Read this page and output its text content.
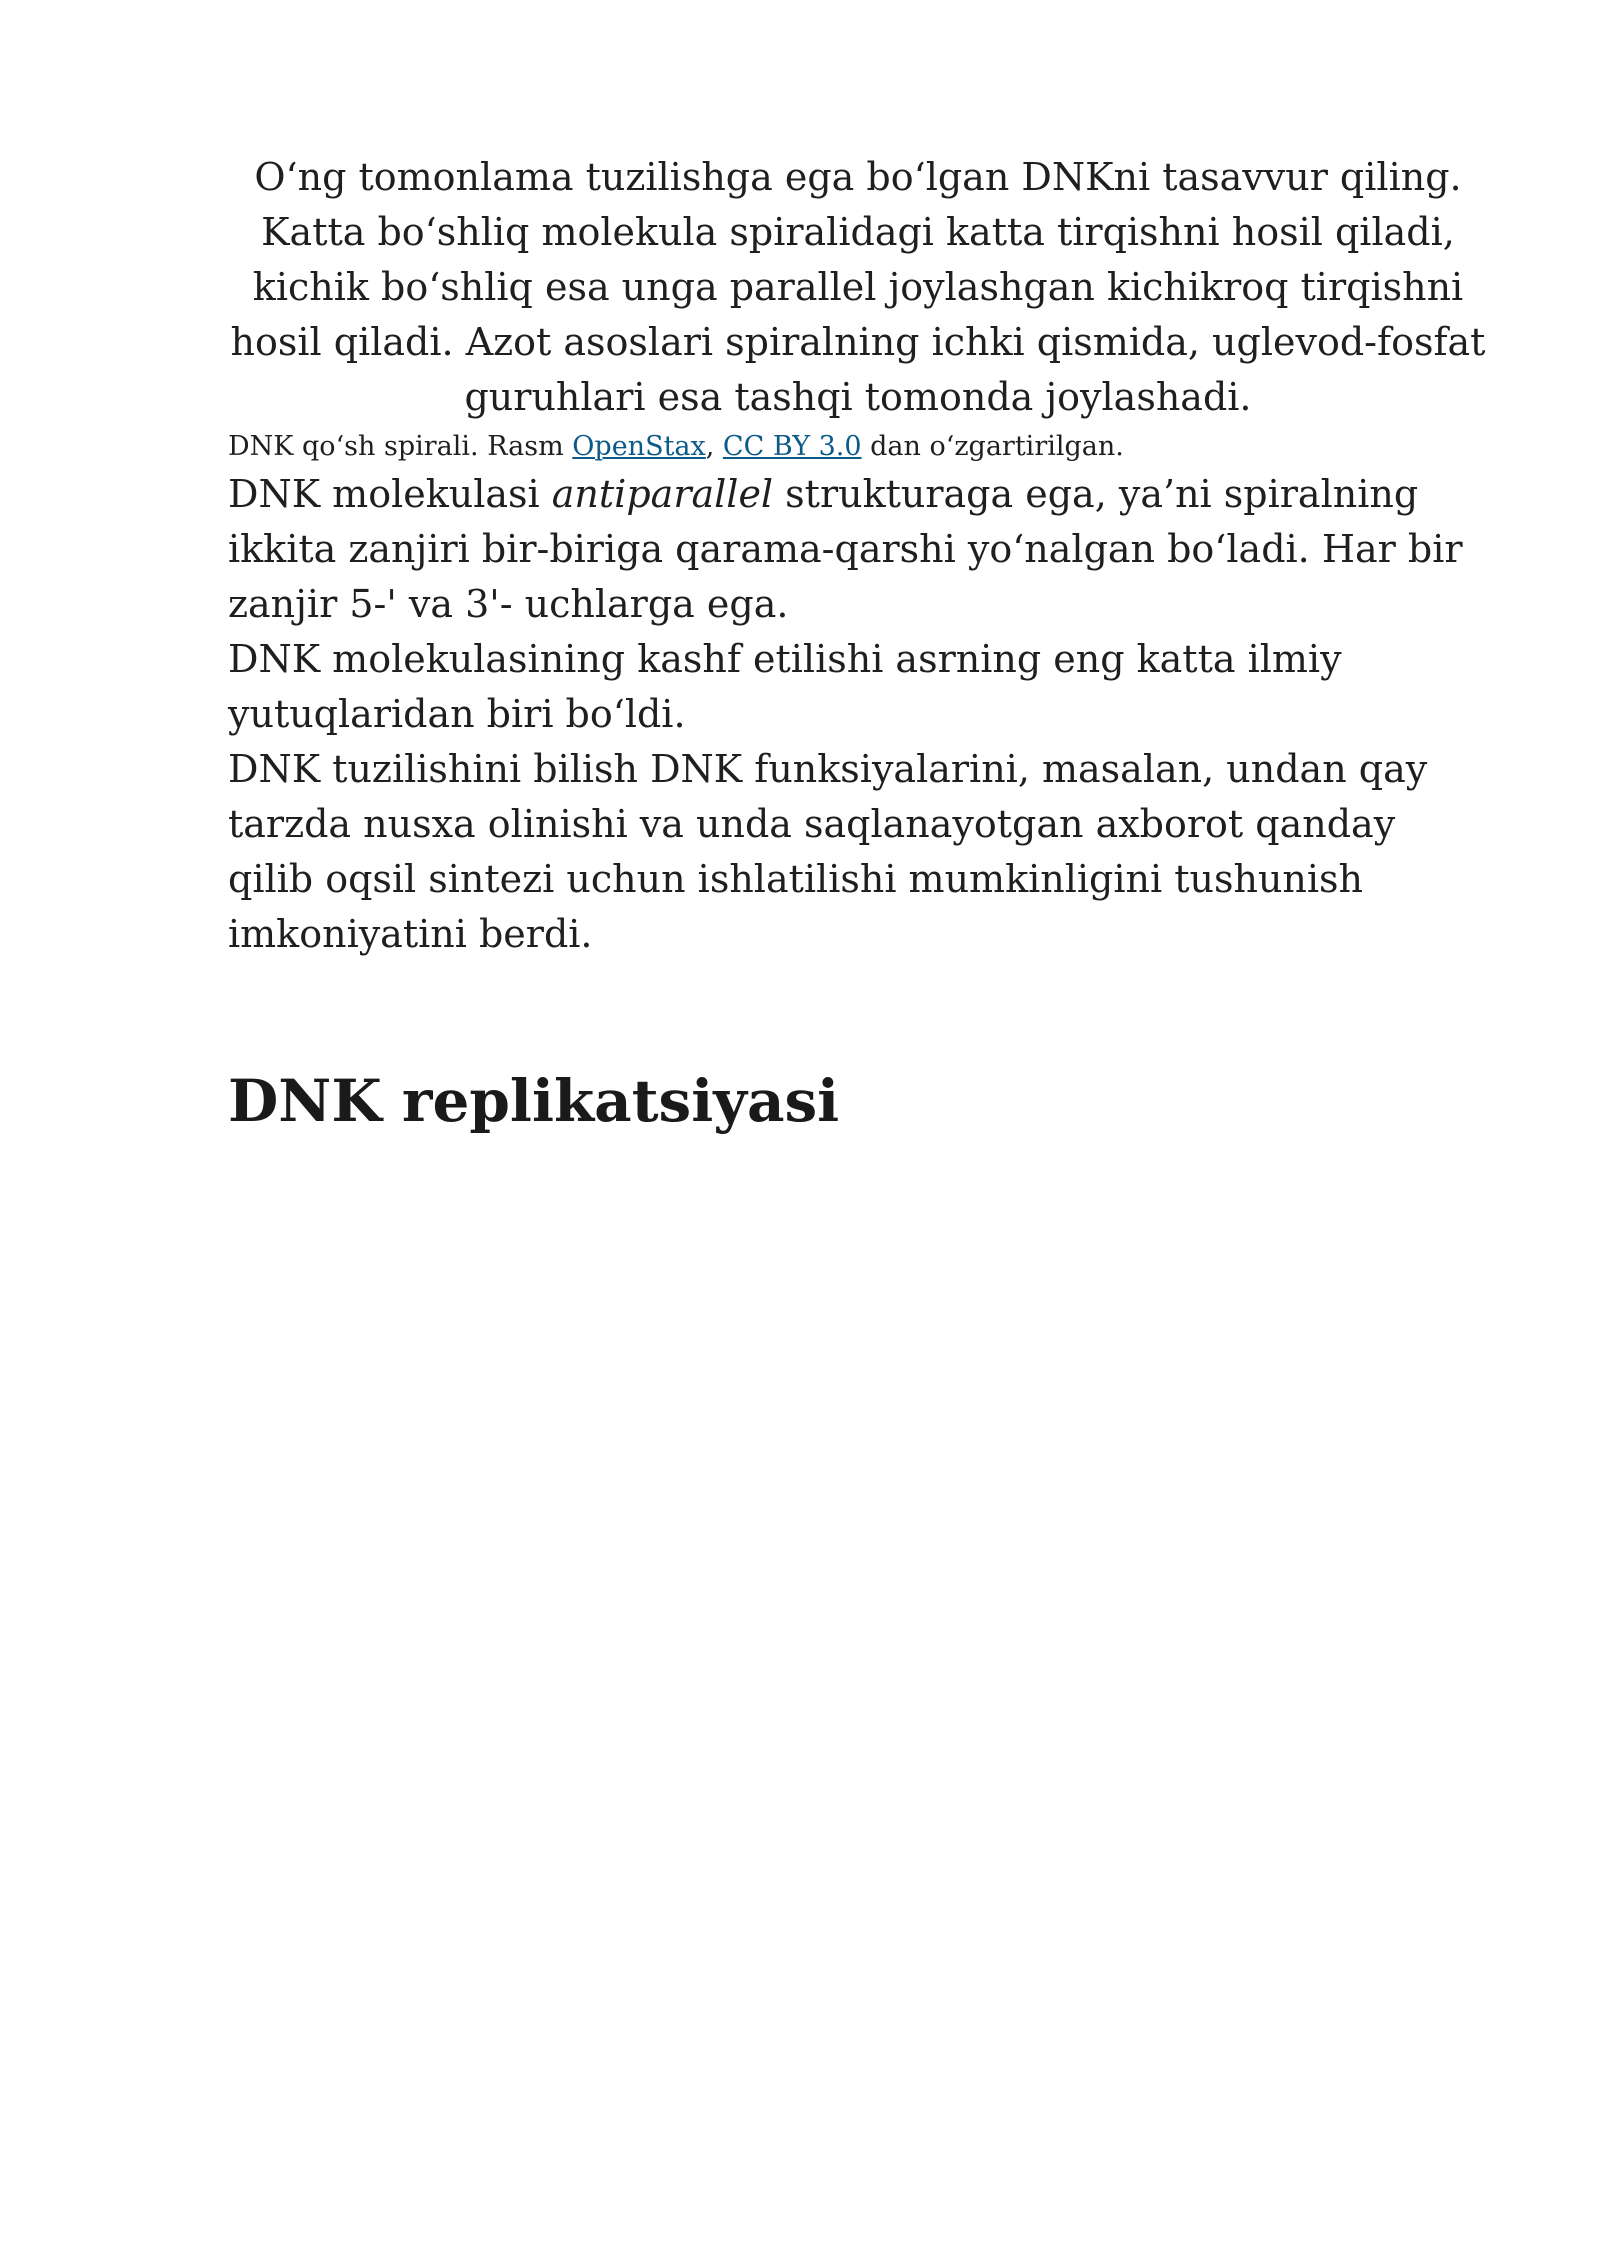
O‘ng tomonlama tuzilishga ega bo‘lgan DNKni tasavvur qiling. Katta bo‘shliq molekula spiralidagi katta tirqishni hosil qiladi, kichik bo‘shliq esa unga parallel joylashgan kichikroq tirqishni hosil qiladi. Azot asoslari spiralning ichki qismida, uglevod-fosfat guruhlari esa tashqi tomonda joylashadi.

DNK qo‘sh spirali. Rasm OpenStax, CC BY 3.0 dan o‘zgartirilgan.

DNK molekulasi antiparallel strukturaga ega, ya’ni spiralning ikkita zanjiri bir-biriga qarama-qarshi yo‘nalgan bo‘ladi. Har bir zanjir 5-' va 3'- uchlarga ega.

DNK molekulasining kashf etilishi asrning eng katta ilmiy yutuqlaridan biri bo‘ldi.

DNK tuzilishini bilish DNK funksiyalarini, masalan, undan qay tarzda nusxa olinishi va unda saqlanayotgan axborot qanday qilib oqsil sintezi uchun ishlatilishi mumkinligini tushunish imkoniyatini berdi.

DNK replikatsiyasi
